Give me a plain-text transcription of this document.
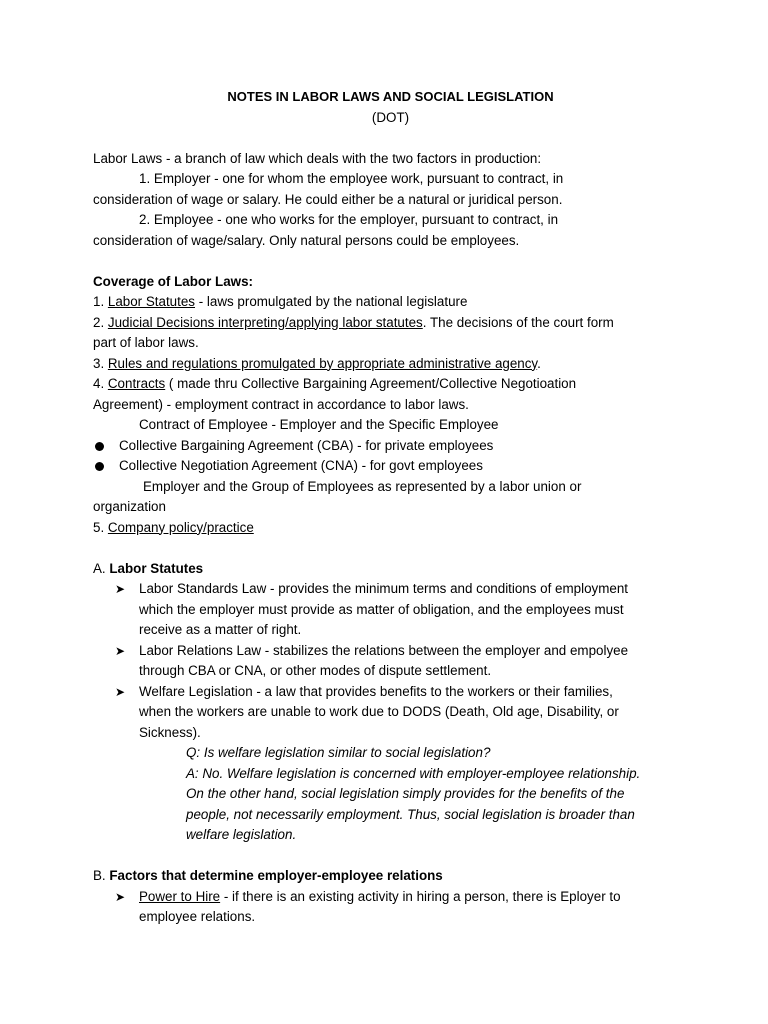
NOTES IN LABOR LAWS AND SOCIAL LEGISLATION
(DOT)
Labor Laws - a branch of law which deals with the two factors in production:
1. Employer - one for whom the employee work, pursuant to contract, in
consideration of wage or salary. He could either be a natural or juridical person.
2. Employee - one who works for the employer, pursuant to contract, in
consideration of wage/salary. Only natural persons could be employees.
Coverage of Labor Laws:
1. Labor Statutes - laws promulgated by the national legislature
2. Judicial Decisions interpreting/applying labor statutes. The decisions of the court form
part of labor laws.
3. Rules and regulations promulgated by appropriate administrative agency.
4. Contracts ( made thru Collective Bargaining Agreement/Collective Negotioation
Agreement) - employment contract in accordance to labor laws.
Contract of Employee - Employer and the Specific Employee
Collective Bargaining Agreement (CBA) - for private employees
Collective Negotiation Agreement (CNA) - for govt employees
Employer and the Group of Employees as represented by a labor union or
organization
5. Company policy/practice
A. Labor Statutes
➤ Labor Standards Law - provides the minimum terms and conditions of employment
which the employer must provide as matter of obligation, and the employees must
receive as a matter of right.
➤ Labor Relations Law - stabilizes the relations between the employer and empolyee
through CBA or CNA, or other modes of dispute settlement.
➤ Welfare Legislation - a law that provides benefits to the workers or their families,
when the workers are unable to work due to DODS (Death, Old age, Disability, or
Sickness).
Q: Is welfare legislation similar to social legislation?
A: No. Welfare legislation is concerned with employer-employee relationship.
On the other hand, social legislation simply provides for the benefits of the
people, not necessarily employment. Thus, social legislation is broader than
welfare legislation.
B. Factors that determine employer-employee relations
➤ Power to Hire - if there is an existing activity in hiring a person, there is Eployer to
employee relations.
